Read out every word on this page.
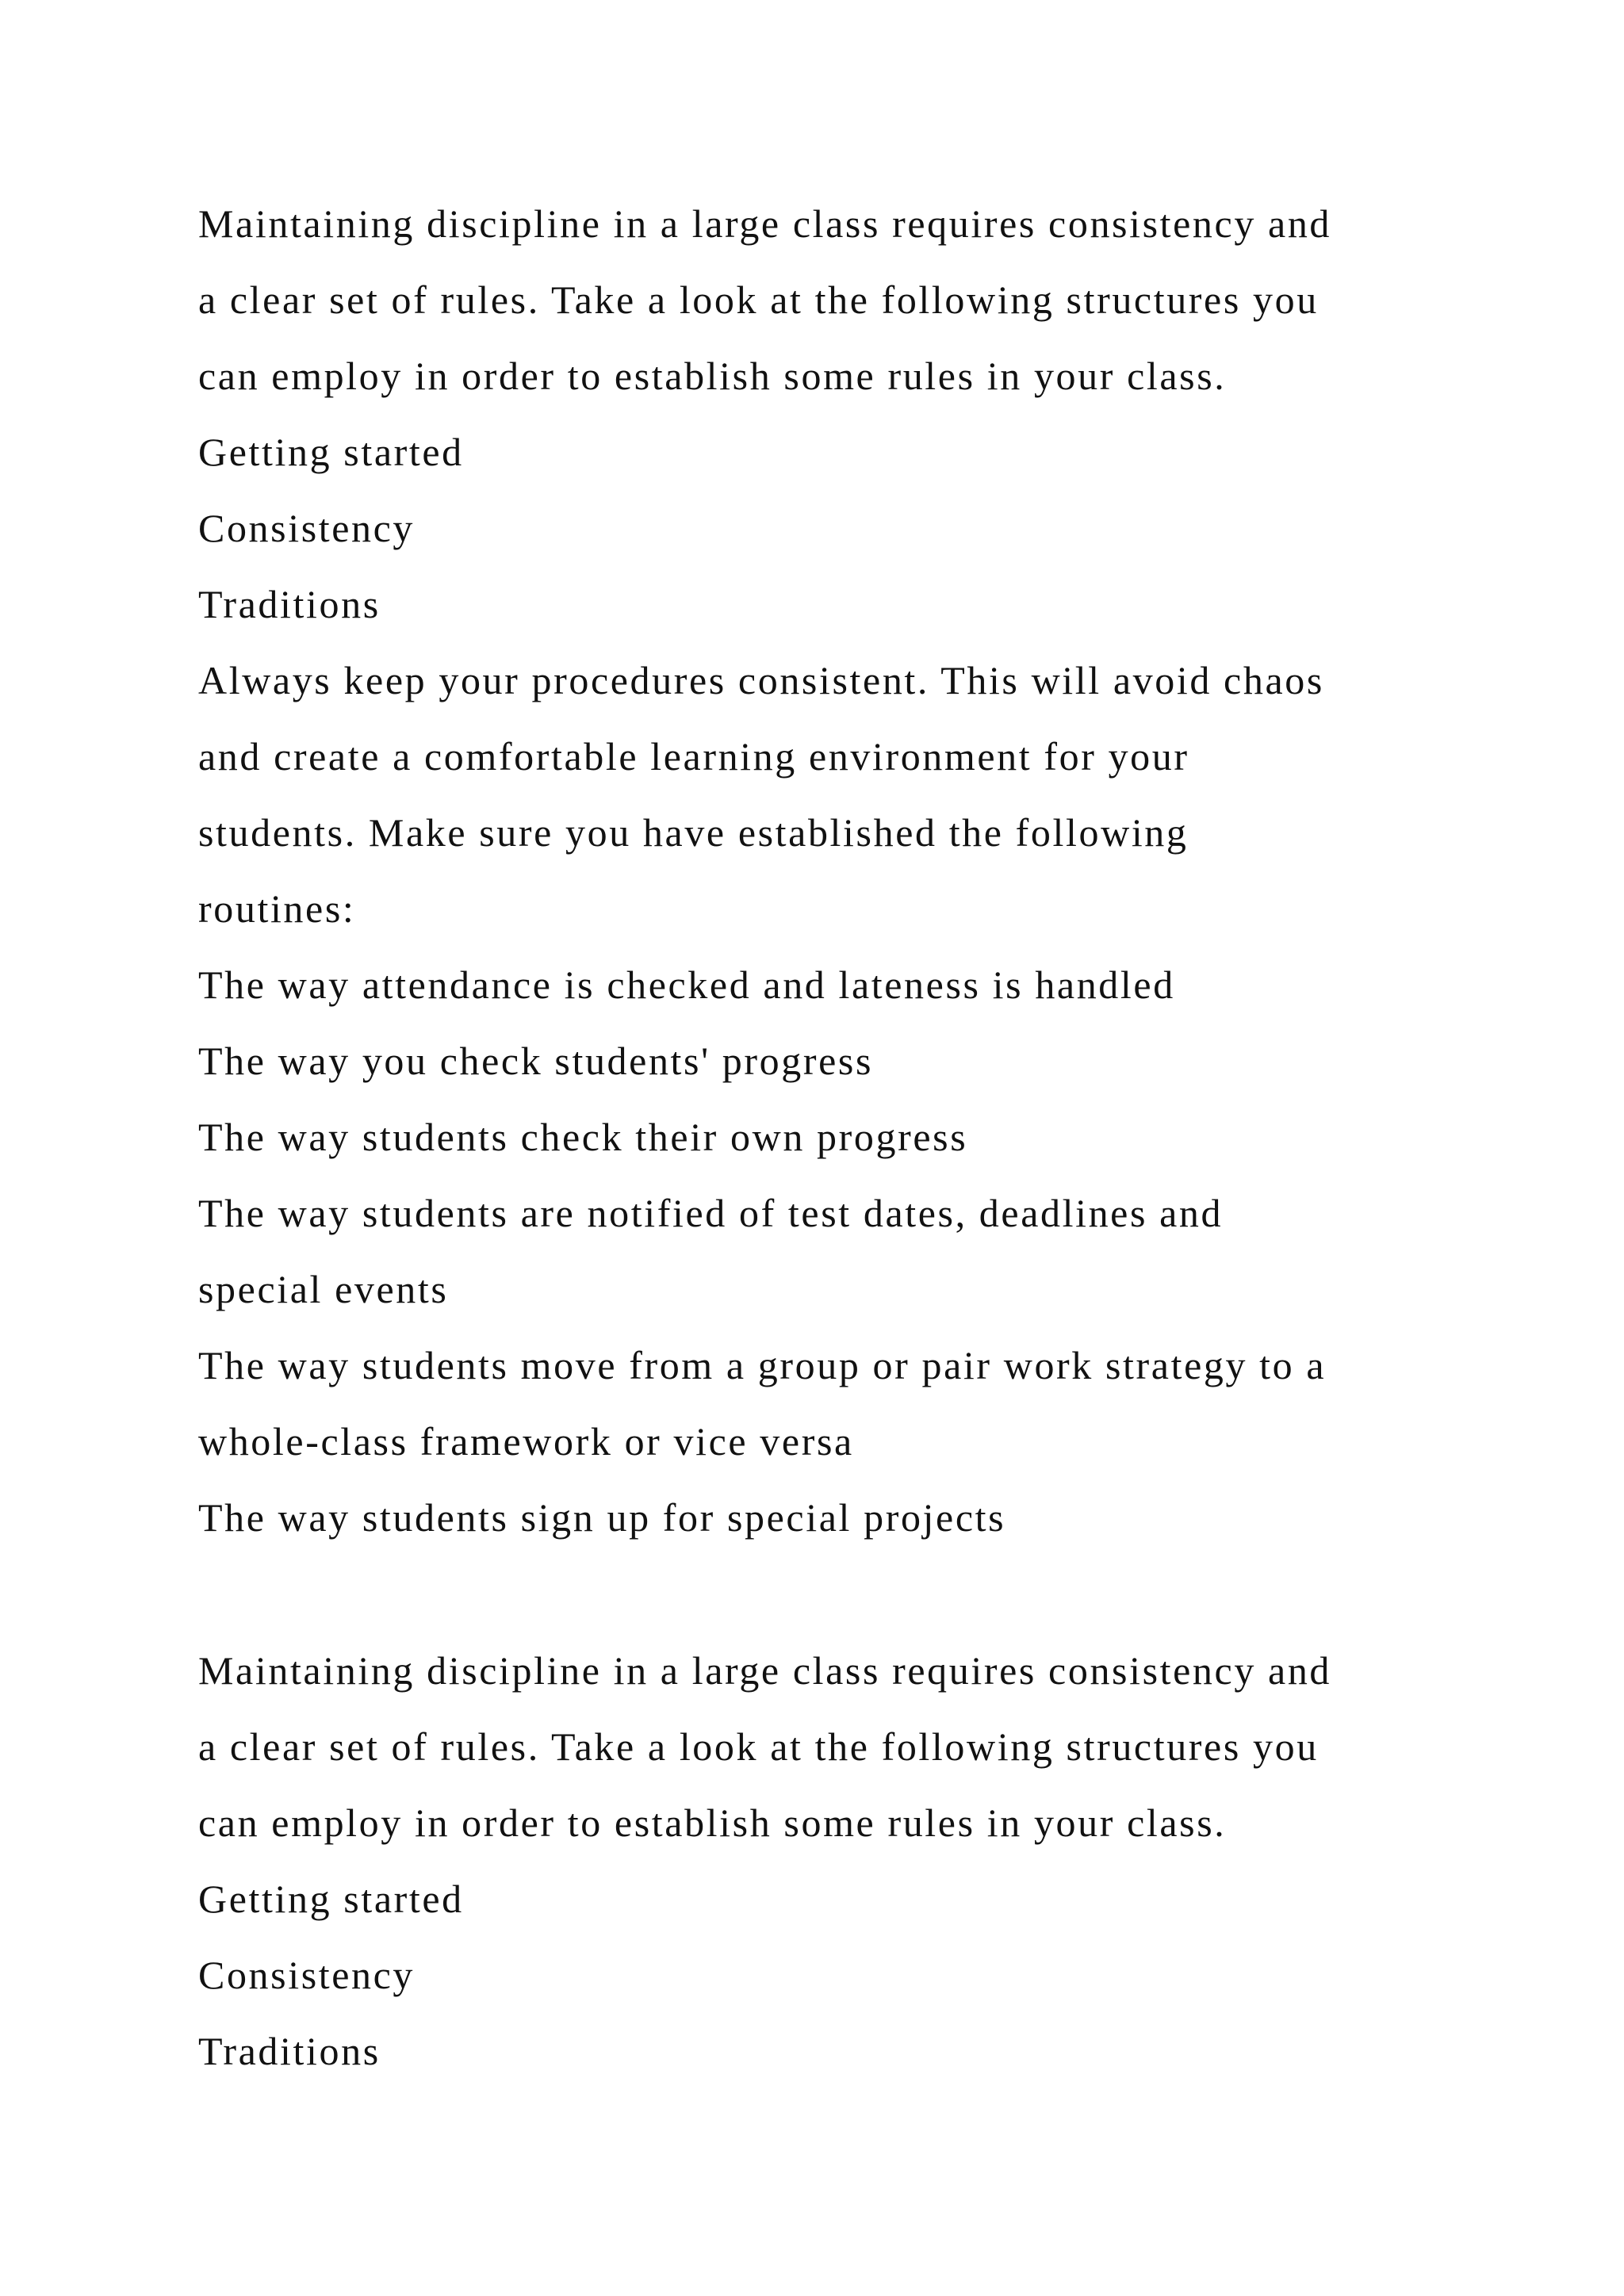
Maintaining discipline in a large class requires consistency and
a clear set of rules. Take a look at the following structures you
can employ in order to establish some rules in your class.
Getting started
Consistency
Traditions
Always keep your procedures consistent. This will avoid chaos
and create a comfortable learning environment for your
students. Make sure you have established the following
routines:
The way attendance is checked and lateness is handled
The way you check students' progress
The way students check their own progress
The way students are notified of test dates, deadlines and
special events
The way students move from a group or pair work strategy to a
whole-class framework or vice versa
The way students sign up for special projects
Maintaining discipline in a large class requires consistency and
a clear set of rules. Take a look at the following structures you
can employ in order to establish some rules in your class.
Getting started
Consistency
Traditions
